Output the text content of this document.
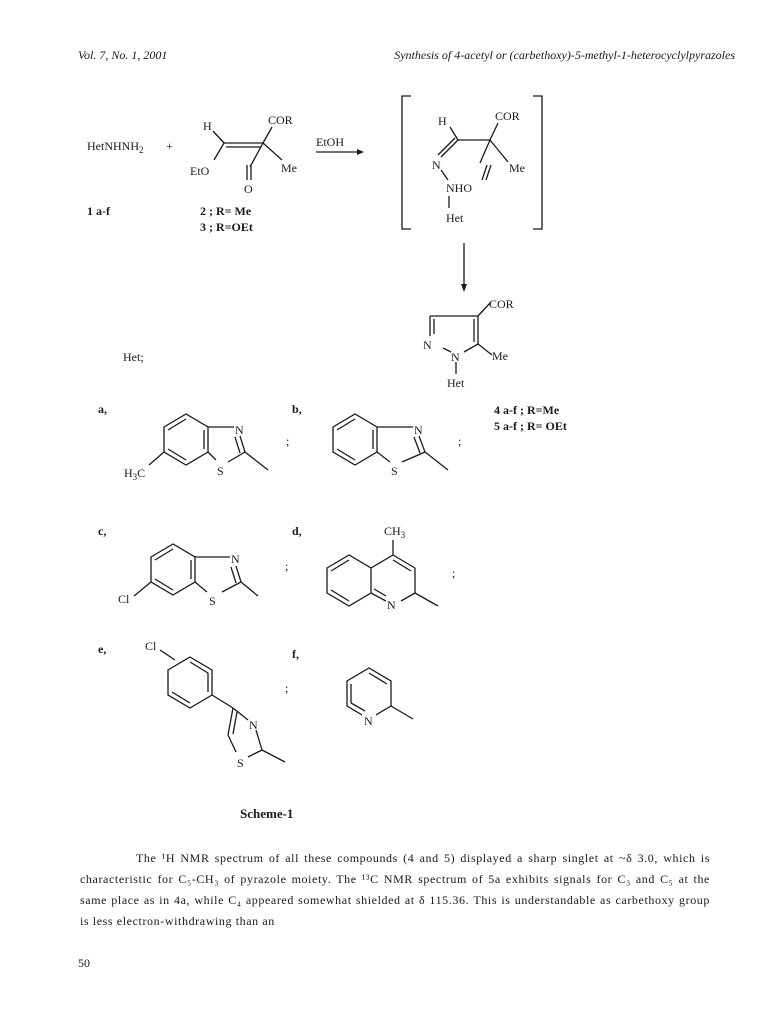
Vol. 7, No. 1, 2001	Synthesis of 4-acetyl or (carbethoxy)-5-methyl-1-heterocyclylpyrazoles
HetNHNH$_2$ +
H	COR
EtO
O
Me
EtOH
1 a-f	2 ; R= Me
3 ; R=OEt
H	COR
N	Me
NHO
Het
COR
N
N	Me
Het
Het;
4 a-f ; R=Me
5 a-f ; R= OEt
a,
N
S
$H_3C$
;
b,
N
S
;
c,
N
S
Cl
;
d,
N
$CH_3$
;
e,	Cl
N
S
;
f,
N
Scheme-1

The ¹H NMR spectrum of all these compounds (4 and 5) displayed a sharp singlet at ~δ 3.0, which is characteristic for C₅-CH₃ of pyrazole moiety. The ¹³C NMR spectrum of 5a exhibits signals for C₃ and C₅ at the same place as in 4a, while C₄ appeared somewhat shielded at δ 115.36. This is understandable as carbethoxy group is less electron-withdrawing than an

50
